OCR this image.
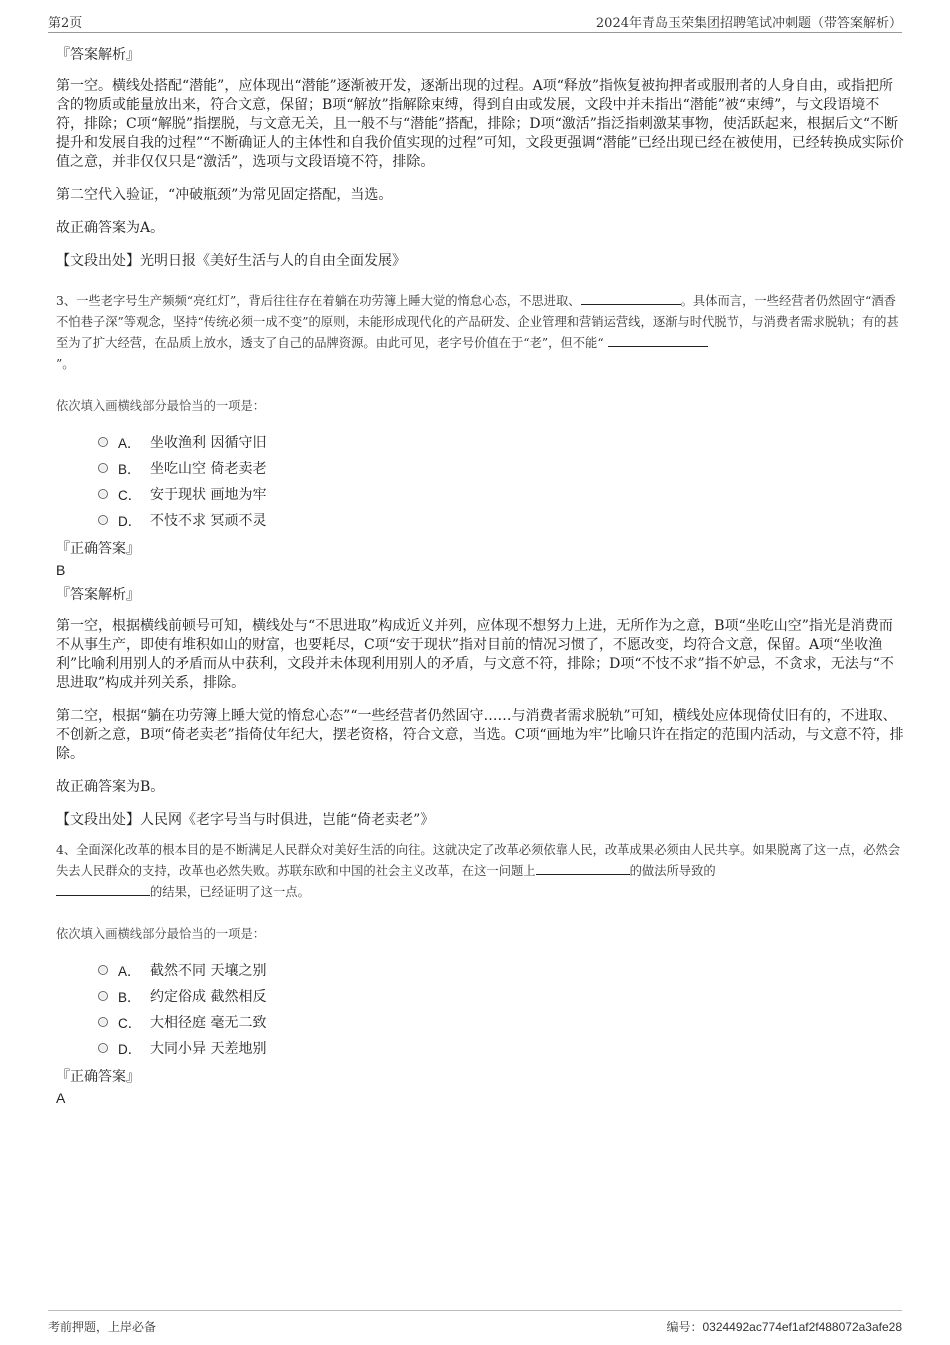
第2页	2024年青岛玉荣集团招聘笔试冲刺题（带答案解析）
『答案解析』

第一空。横线处搭配“潜能”，应体现出“潜能”逐渐被开发，逐渐出现的过程。A项“释放”指恢复被拘押者或服刑者的人身自由，或指把所含的物质或能量放出来，符合文意，保留；B项“解放”指解除束缚，得到自由或发展，文段中并未指出“潜能”被“束缚”，与文段语境不符，排除；C项“解脱”指摆脱，与文意无关，且一般不与“潜能”搭配，排除；D项“激活”指泛指刺激某事物，使活跃起来，根据后文“不断提升和发展自我的过程”“不断确证人的主体性和自我价值实现的过程”可知，文段更强调“潜能”已经出现已经在被使用，已经转换成实际价值之意，并非仅仅只是“激活”，选项与文段语境不符，排除。

第二空代入验证，“冲破瓶颈”为常见固定搭配，当选。

故正确答案为A。

【文段出处】光明日报《美好生活与人的自由全面发展》

3、一些老字号生产频频“亮红灯”，背后往往存在着躺在功劳簿上睡大觉的惰怠心态，不思进取、	。具体而言，一些经营者仍然固守“酒香不怕巷子深”等观念，坚持“传统必须一成不变”的原则，未能形成现代化的产品研发、企业管理和营销运营线，逐渐与时代脱节，与消费者需求脱轨；有的甚至为了扩大经营，在品质上放水，透支了自己的品牌资源。由此可见，老字号价值在于“老”，但不能“
”。

依次填入画横线部分最恰当的一项是：
A． 坐收渔利 因循守旧
B． 坐吃山空 倚老卖老
C． 安于现状 画地为牢
D． 不忮不求 冥顽不灵
『正确答案』
B
『答案解析』

第一空，根据横线前顿号可知，横线处与“不思进取”构成近义并列，应体现不想努力上进，无所作为之意，B项“坐吃山空”指光是消费而不从事生产，即使有堆积如山的财富，也要耗尽，C项“安于现状”指对目前的情况习惯了，不愿改变，均符合文意，保留。A项“坐收渔利”比喻利用别人的矛盾而从中获利，文段并未体现利用别人的矛盾，与文意不符，排除；D项“不忮不求”指不妒忌，不贪求，无法与“不思进取”构成并列关系，排除。

第二空，根据“躺在功劳簿上睡大觉的惰怠心态”“一些经营者仍然固守……与消费者需求脱轨”可知，横线处应体现倚仗旧有的，不进取、不创新之意，B项“倚老卖老”指倚仗年纪大，摆老资格，符合文意，当选。C项“画地为牢”比喻只许在指定的范围内活动，与文意不符，排除。

故正确答案为B。

【文段出处】人民网《老字号当与时俱进，岂能“倚老卖老”》

4、全面深化改革的根本目的是不断满足人民群众对美好生活的向往。这就决定了改革必须依靠人民，改革成果必须由人民共享。如果脱离了这一点，必然会失去人民群众的支持，改革也必然失败。苏联东欧和中国的社会主义改革，在这一问题上	的做法所导致的
的结果，已经证明了这一点。

依次填入画横线部分最恰当的一项是：
A． 截然不同 天壤之别
B． 约定俗成 截然相反
C． 大相径庭 毫无二致
D． 大同小异 天差地别
『正确答案』
A
考前押题，上岸必备	编号：0324492ac774ef1af2f488072a3afe28
